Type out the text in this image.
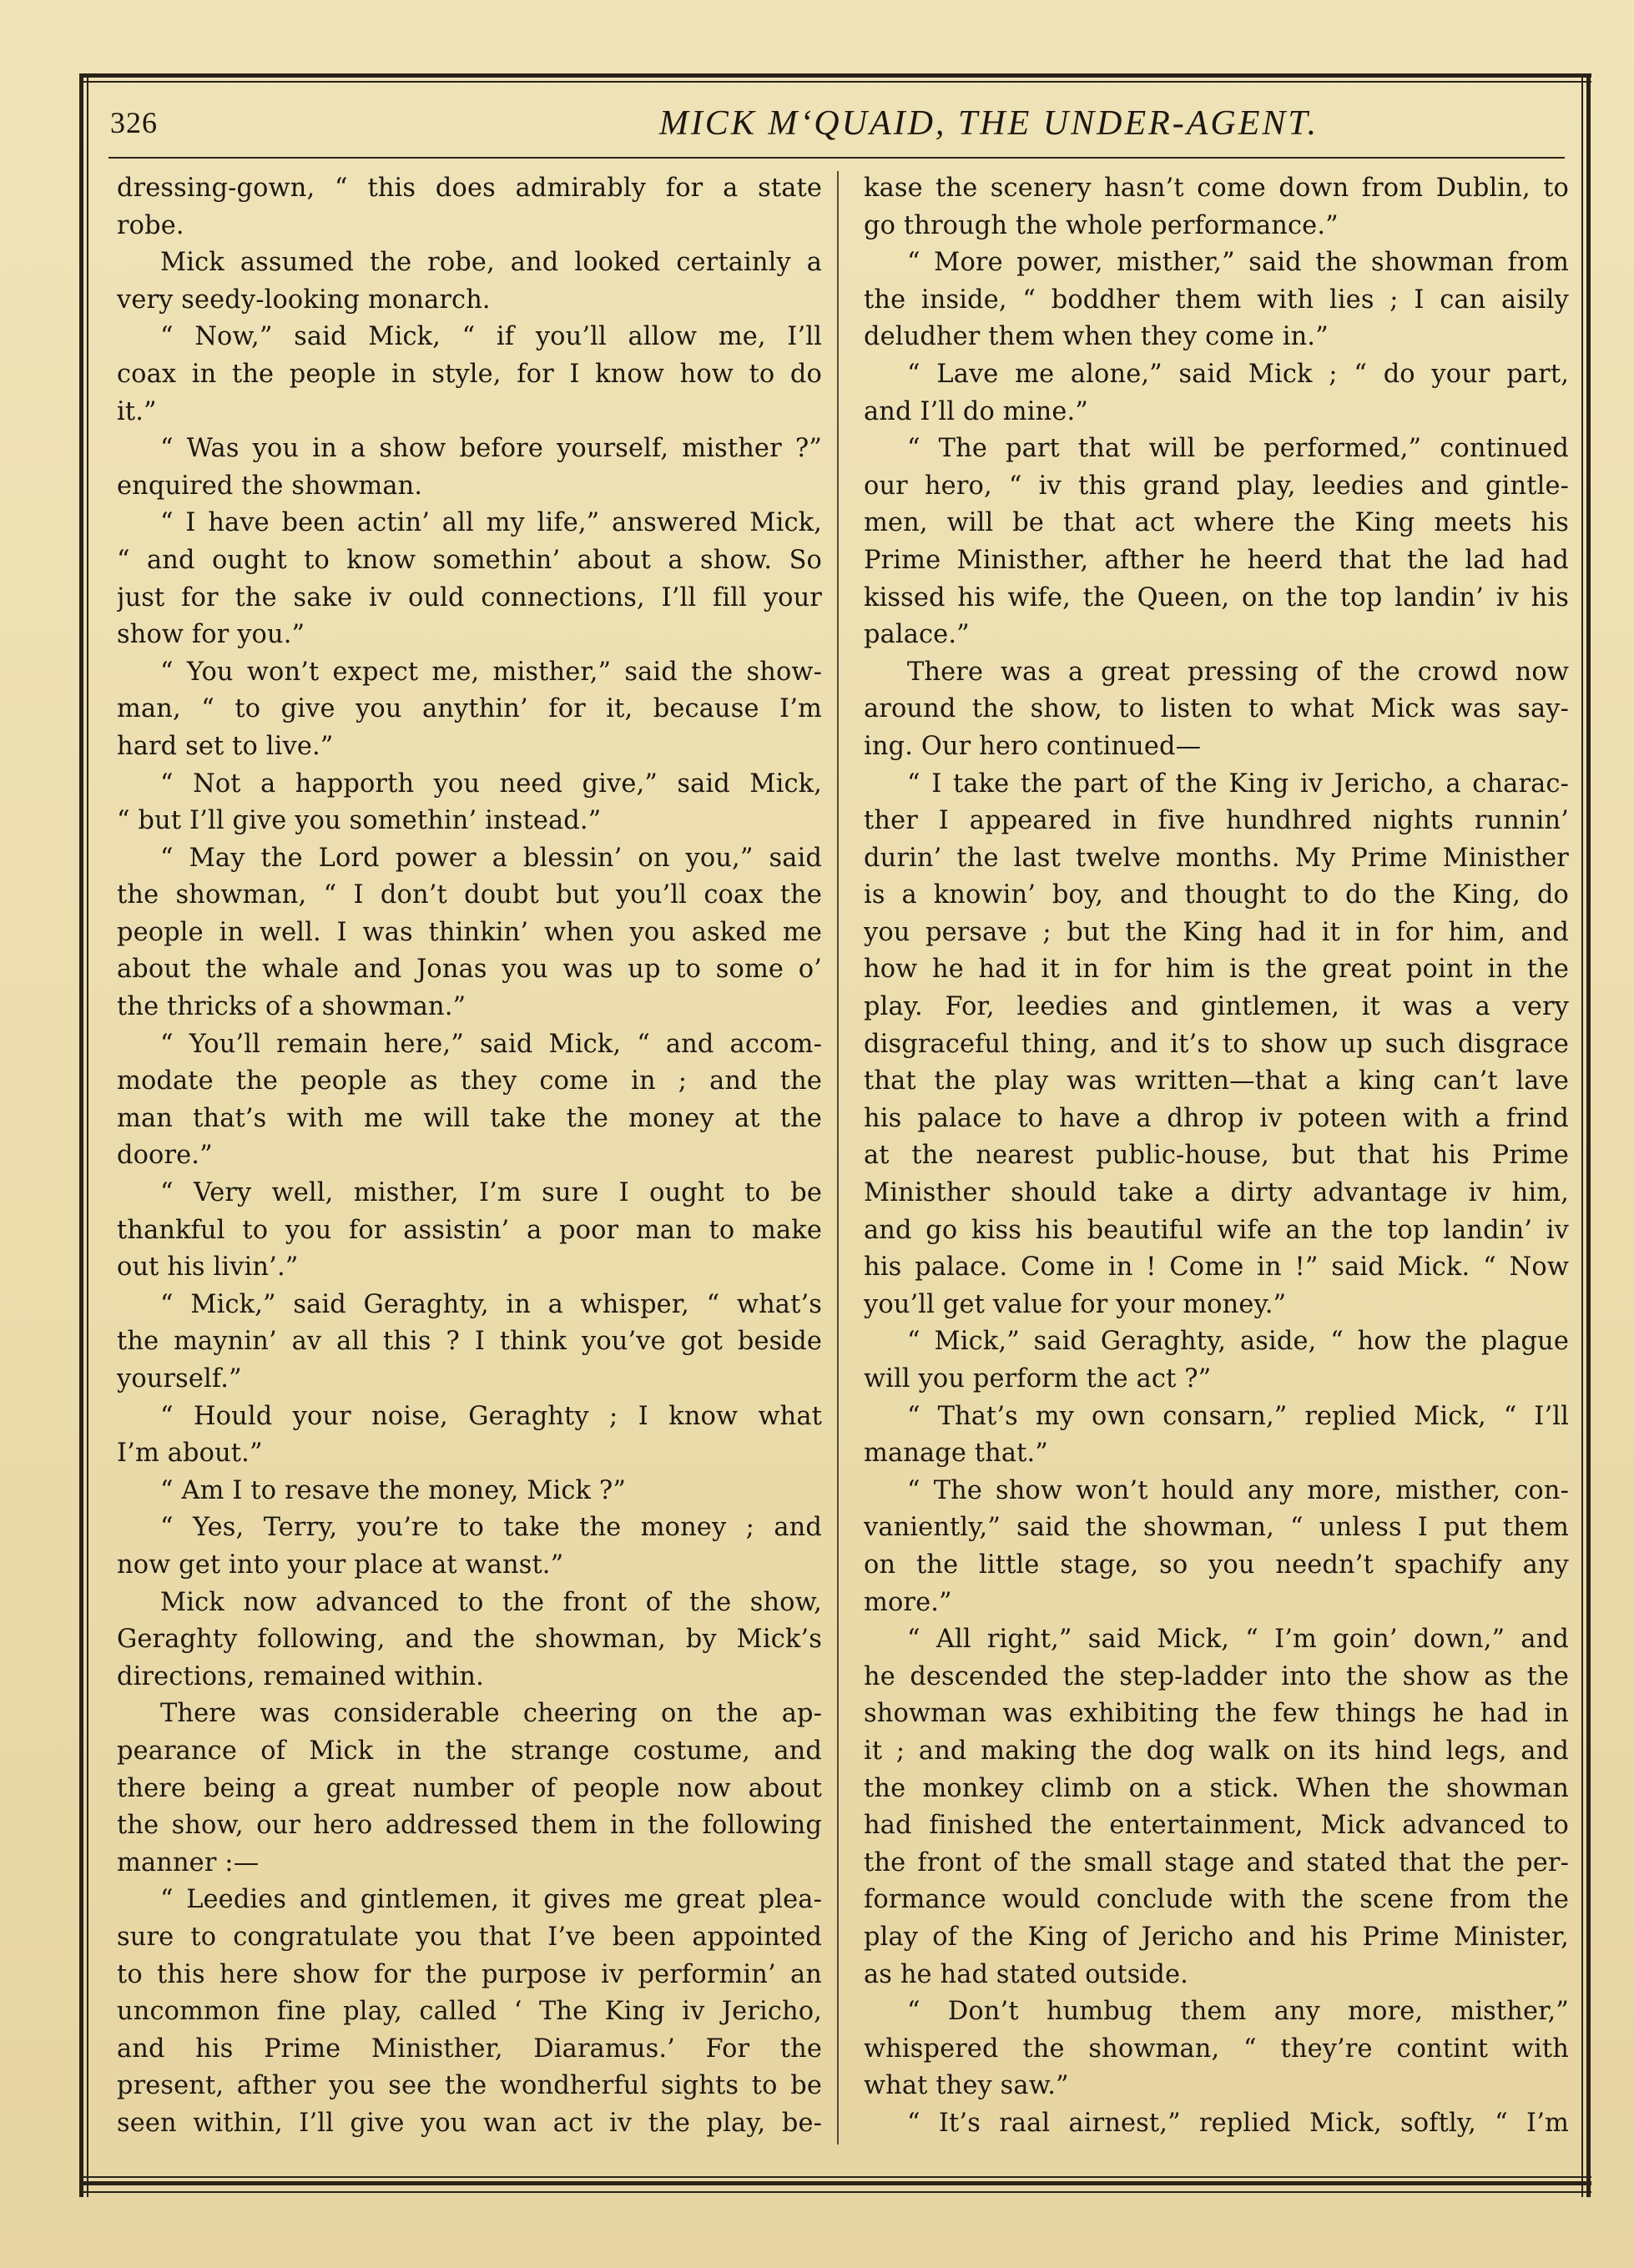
326	MICK M‘QUAID, THE UNDER-AGENT.
dressing-gown, “ this does admirably for a state
robe.
Mick assumed the robe, and looked certainly a
very seedy-looking monarch.
“ Now,” said Mick, “ if you’ll allow me, I’ll
coax in the people in style, for I know how to do
it.”
“ Was you in a show before yourself, misther ?”
enquired the showman.
“ I have been actin’ all my life,” answered Mick,
“ and ought to know somethin’ about a show. So
just for the sake iv ould connections, I’ll fill your
show for you.”
“ You won’t expect me, misther,” said the show-
man, “ to give you anythin’ for it, because I’m
hard set to live.”
“ Not a happorth you need give,” said Mick,
“ but I’ll give you somethin’ instead.”
“ May the Lord power a blessin’ on you,” said
the showman, “ I don’t doubt but you’ll coax the
people in well. I was thinkin’ when you asked me
about the whale and Jonas you was up to some o’
the thricks of a showman.”
“ You’ll remain here,” said Mick, “ and accom-
modate the people as they come in ; and the
man that’s with me will take the money at the
doore.”
“ Very well, misther, I’m sure I ought to be
thankful to you for assistin’ a poor man to make
out his livin’.”
“ Mick,” said Geraghty, in a whisper, “ what’s
the maynin’ av all this ? I think you’ve got beside
yourself.”
“ Hould your noise, Geraghty ; I know what
I’m about.”
“ Am I to resave the money, Mick ?”
“ Yes, Terry, you’re to take the money ; and
now get into your place at wanst.”
Mick now advanced to the front of the show,
Geraghty following, and the showman, by Mick’s
directions, remained within.
There was considerable cheering on the ap-
pearance of Mick in the strange costume, and
there being a great number of people now about
the show, our hero addressed them in the following
manner :—
“ Leedies and gintlemen, it gives me great plea-
sure to congratulate you that I’ve been appointed
to this here show for the purpose iv performin’ an
uncommon fine play, called ‘ The King iv Jericho,
and his Prime Ministher, Diaramus.’ For the
present, afther you see the wondherful sights to be
seen within, I’ll give you wan act iv the play, be-
kase the scenery hasn’t come down from Dublin, to
go through the whole performance.”
“ More power, misther,” said the showman from
the inside, “ boddher them with lies ; I can aisily
deludher them when they come in.”
“ Lave me alone,” said Mick ; “ do your part,
and I’ll do mine.”
“ The part that will be performed,” continued
our hero, “ iv this grand play, leedies and gintle-
men, will be that act where the King meets his
Prime Ministher, afther he heerd that the lad had
kissed his wife, the Queen, on the top landin’ iv his
palace.”
There was a great pressing of the crowd now
around the show, to listen to what Mick was say-
ing. Our hero continued—
“ I take the part of the King iv Jericho, a charac-
ther I appeared in five hundhred nights runnin’
durin’ the last twelve months. My Prime Ministher
is a knowin’ boy, and thought to do the King, do
you persave ; but the King had it in for him, and
how he had it in for him is the great point in the
play. For, leedies and gintlemen, it was a very
disgraceful thing, and it’s to show up such disgrace
that the play was written—that a king can’t lave
his palace to have a dhrop iv poteen with a frind
at the nearest public-house, but that his Prime
Ministher should take a dirty advantage iv him,
and go kiss his beautiful wife an the top landin’ iv
his palace. Come in ! Come in !” said Mick. “ Now
you’ll get value for your money.”
“ Mick,” said Geraghty, aside, “ how the plague
will you perform the act ?”
“ That’s my own consarn,” replied Mick, “ I’ll
manage that.”
“ The show won’t hould any more, misther, con-
vaniently,” said the showman, “ unless I put them
on the little stage, so you needn’t spachify any
more.”
“ All right,” said Mick, “ I’m goin’ down,” and
he descended the step-ladder into the show as the
showman was exhibiting the few things he had in
it ; and making the dog walk on its hind legs, and
the monkey climb on a stick. When the showman
had finished the entertainment, Mick advanced to
the front of the small stage and stated that the per-
formance would conclude with the scene from the
play of the King of Jericho and his Prime Minister,
as he had stated outside.
“ Don’t humbug them any more, misther,”
whispered the showman, “ they’re contint with
what they saw.”
“ It’s raal airnest,” replied Mick, softly, “ I’m
